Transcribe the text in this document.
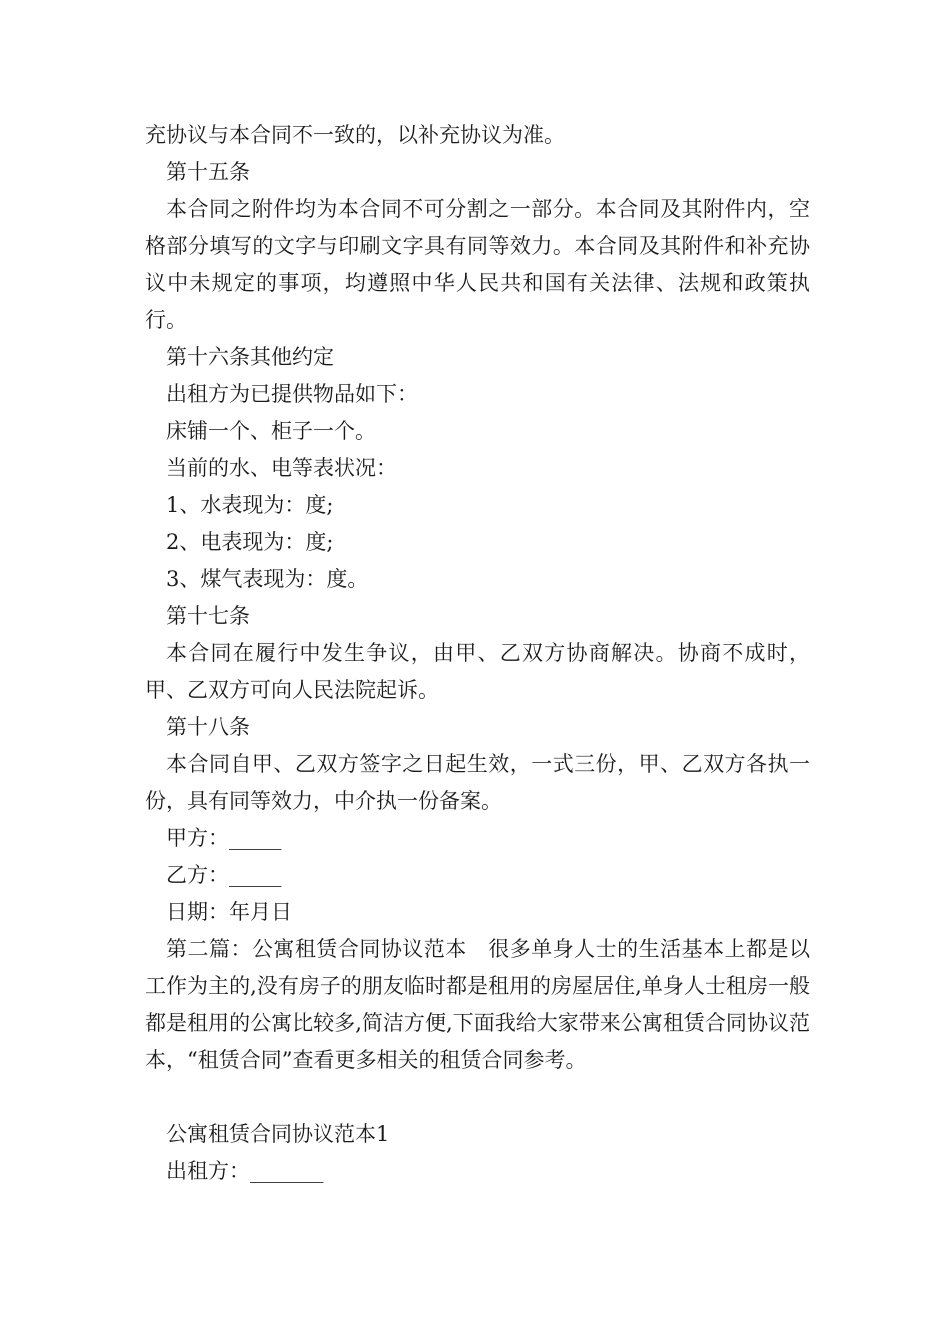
充协议与本合同不一致的，以补充协议为准。
第十五条
本合同之附件均为本合同不可分割之一部分。本合同及其附件内，空格部分填写的文字与印刷文字具有同等效力。本合同及其附件和补充协议中未规定的事项，均遵照中华人民共和国有关法律、法规和政策执行。
第十六条其他约定
出租方为已提供物品如下：
床铺一个、柜子一个。
当前的水、电等表状况：
1、水表现为：度;
2、电表现为：度;
3、煤气表现为：度。
第十七条
本合同在履行中发生争议，由甲、乙双方协商解决。协商不成时，甲、乙双方可向人民法院起诉。
第十八条
本合同自甲、乙双方签字之日起生效，一式三份，甲、乙双方各执一份，具有同等效力，中介执一份备案。
甲方：_____
乙方：_____
日期：年月日
第二篇：公寓租赁合同协议范本　很多单身人士的生活基本上都是以工作为主的,没有房子的朋友临时都是租用的房屋居住,单身人士租房一般都是租用的公寓比较多,简洁方便,下面我给大家带来公寓租赁合同协议范本，“租赁合同”查看更多相关的租赁合同参考。
公寓租赁合同协议范本1
出租方：_______
